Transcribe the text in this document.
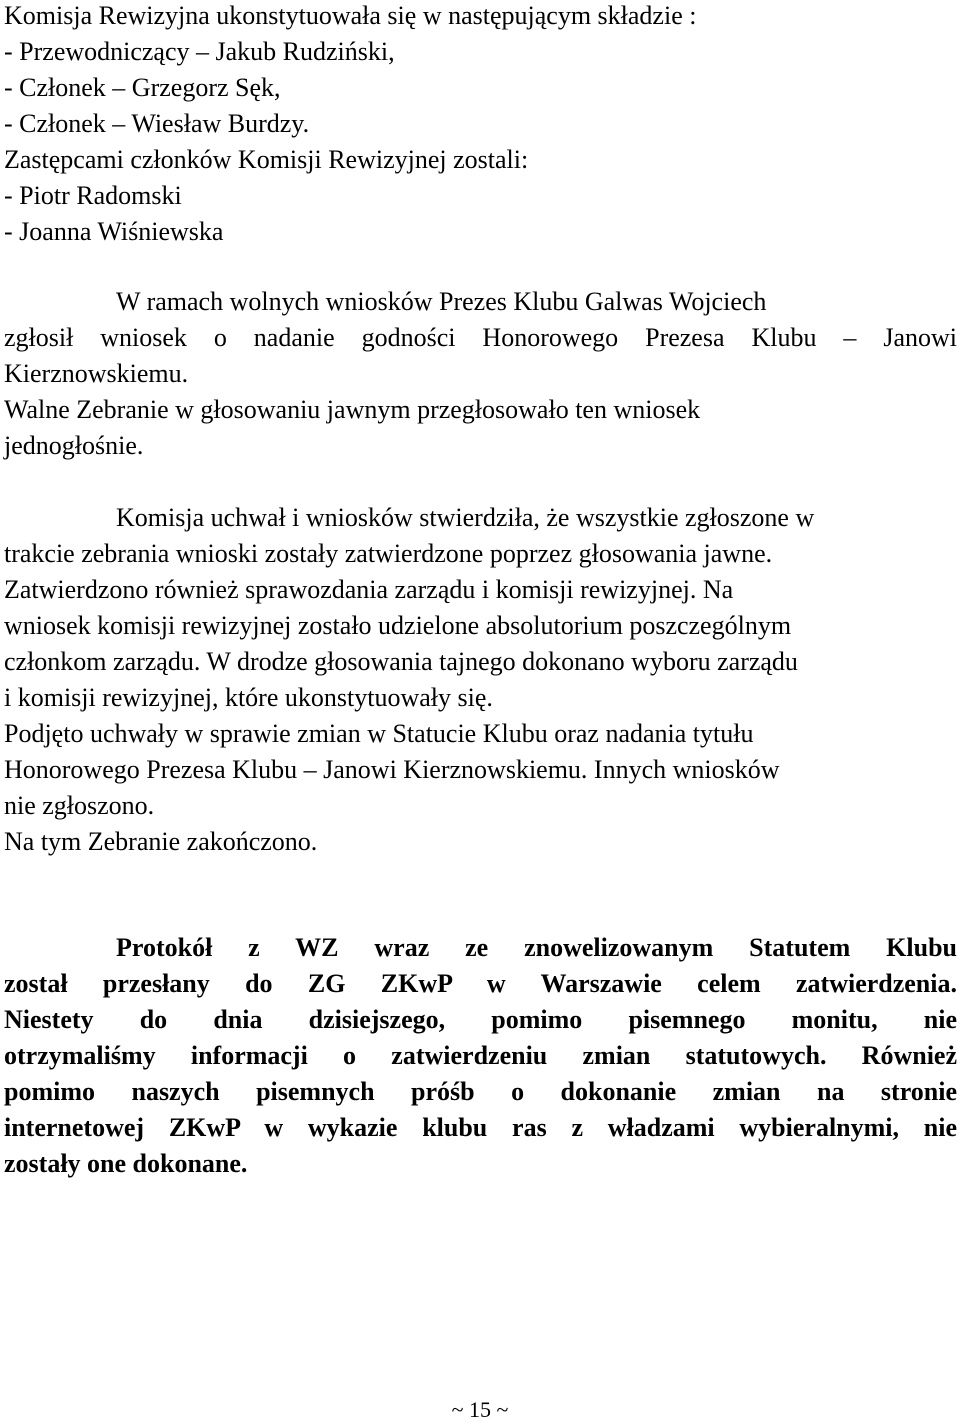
Komisja Rewizyjna ukonstytuowała się w następującym składzie :

- Przewodniczący – Jakub Rudziński,

- Członek – Grzegorz Sęk,

- Członek – Wiesław Burdzy.

Zastępcami członków Komisji Rewizyjnej zostali:

- Piotr Radomski

- Joanna Wiśniewska

W ramach wolnych wniosków Prezes Klubu Galwas Wojciech

zgłosił wniosek o nadanie godności Honorowego Prezesa Klubu – Janowi

Kierznowskiemu.

Walne Zebranie w głosowaniu jawnym przegłosowało ten wniosek

jednogłośnie.

Komisja uchwał i wniosków stwierdziła, że wszystkie zgłoszone w

trakcie zebrania wnioski zostały zatwierdzone poprzez głosowania jawne.

Zatwierdzono również sprawozdania zarządu i komisji rewizyjnej. Na

wniosek komisji rewizyjnej zostało udzielone absolutorium poszczególnym

członkom zarządu. W drodze głosowania tajnego dokonano wyboru zarządu

i komisji rewizyjnej, które ukonstytuowały się.

Podjęto uchwały w sprawie zmian w Statucie Klubu oraz nadania tytułu

Honorowego Prezesa Klubu – Janowi Kierznowskiemu. Innych wniosków

nie zgłoszono.

Na tym Zebranie zakończono.

Protokół z WZ wraz ze znowelizowanym Statutem Klubu

został przesłany do ZG ZKwP w Warszawie celem zatwierdzenia.

Niestety do dnia dzisiejszego, pomimo pisemnego monitu, nie

otrzymaliśmy informacji o zatwierdzeniu zmian statutowych. Również

pomimo naszych pisemnych próśb o dokonanie zmian na stronie

internetowej ZKwP w wykazie klubu ras z władzami wybieralnymi, nie

zostały one dokonane.

~ 15 ~
